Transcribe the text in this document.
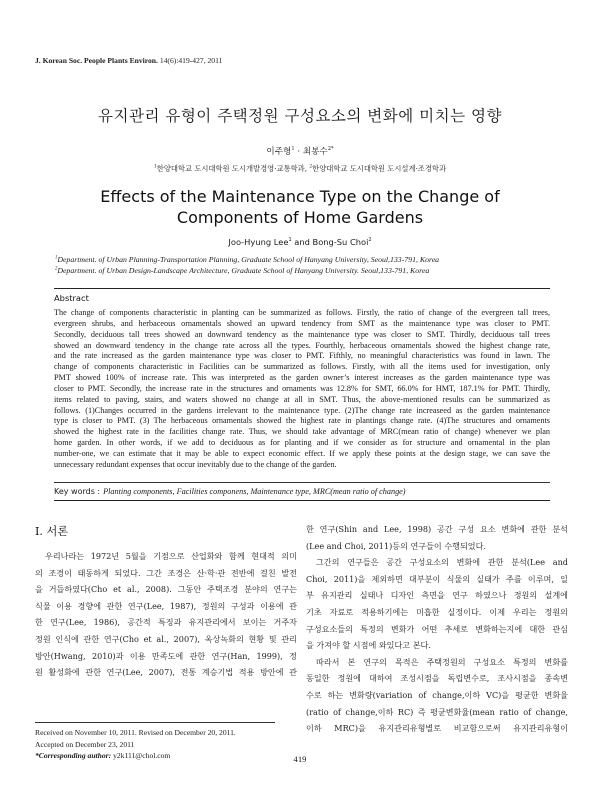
J. Korean Soc. People Plants Environ. 14(6):419-427, 2011
유지관리 유형이 주택정원 구성요소의 변화에 미치는 영향
이주형$^1$ · 최봉수$^{2*}$
$^1$한양대학교 도시대학원 도시개발경영·교통학과, $^2$한양대학교 도시대학원 도시설계·조경학과
Effects of the Maintenance Type on the Change of
Components of Home Gardens
Joo-Hyung Lee$^1$ and Bong-Su Choi$^2$
$^1$Department. of Urban Planning-Transportation Planning, Graduate School of Hanyang University, Seoul,133-791, Korea
$^2$Department. of Urban Design-Landscape Architecture, Graduate School of Hanyang University. Seoul,133-791, Korea
Abstract
The change of components characteristic in planting can be summarized as follows. Firstly, the ratio of change of the evergreen tall trees,
evergreen shrubs, and herbaceous ornamentals showed an upward tendency from SMT as the maintenance type was closer to PMT.
Secondly, deciduous tall trees showed an downward tendency as the maintenance type was closer to SMT. Thirdly, deciduous tall trees
showed an downward tendency in the change rate across all the types. Fourthly, herbaceous ornamentals showed the highest change rate,
and the rate increased as the garden maintenance type was closer to PMT. Fifthly, no meaningful characteristics was found in lawn. The
change of components characteristic in Facilities can be summarized as follows. Firstly, with all the items used for investigation, only
PMT showed 100% of increase rate. This was interpreted as the garden owner’s interest increases as the garden maintenance type was
closer to PMT. Secondly, the increase rate in the structures and ornaments was 12.8% for SMT, 66.0% for HMT, 187.1% for PMT. Thirdly,
items related to paving, stairs, and waters showed no change at all in SMT. Thus, the above-mentioned results can be summarized as
follows. (1)Changes occurred in the gardens irrelevant to the maintenance type. (2)The change rate increaseed as the garden maintenance
type is closer to PMT. (3) The herbaceous ornamentals showed the highest rate in plantings change rate. (4)The structures and ornaments
showed the highest rate in the facilities change rate. Thus, we should take advantage of MRC(mean ratio of change) whenever we plan
home garden. In other words, if we add to deciduous as for planting and if we consider as for structure and ornamental in the plan
number-one, we can estimate that it may be able to expect economic effect. If we apply these points at the design stage, we can save the
unnecessary redundant expenses that occur inevitably due to the change of the garden.
Key words : Planting components, Facilities componens, Maintenance type, MRC(mean ratio of change)
I. 서론

우리나라는 1972년 5월을 기점으로 산업화와 함께 현대적 의미
의 조경이 태동하게 되었다. 그간 조경은 산·학·관 전반에 걸친 발전
을 거듭하였다(Cho et al., 2008). 그동안 주택조경 분야의 연구는
식물 이용 경향에 관한 연구(Lee, 1987), 정원의 구성과 이용에 관
한 연구(Lee, 1986), 공간적 특징과 유지관리에서 보이는 거주자
정원 인식에 관한 연구(Cho et al., 2007), 옥상녹화의 현황 및 관리
방안(Hwang, 2010)과 이용 만족도에 관한 연구(Han, 1999), 정
원 활성화에 관한 연구(Lee, 2007), 전통 계승기법 적용 방안에 관

한 연구(Shin and Lee, 1998) 공간 구성 요소 변화에 관한 분석
(Lee and Choi, 2011)등의 연구들이 수행되었다.

그간의 연구들은 공간 구성요소의 변화에 관한 분석(Lee and
Choi, 2011)을 제외하면 대부분이 식물의 실태가 주를 이루며, 일
부 유지관리 실태나 디자인 측면을 연구 하였으나 정원의 설계에
기초 자료로 적용하기에는 미흡한 실정이다. 이제 우리는 정원의
구성요소들의 특정의 변화가 어떤 추세로 변화하는지에 대한 관심
을 가져야 할 시점에 와있다고 본다.

따라서 본 연구의 목적은 주택정원의 구성요소 특정의 변화를
동일한 정원에 대하여 조성시점을 독립변수로, 조사시점을 종속변
수로 하는 변화량(variation of change,이하 VC)을 평균한 변화율
(ratio of change,이하 RC) 즉 평균변화율(mean ratio of change,
이하 MRC)을 유지관리유형별로 비교함으로써 유지관리유형이

Received on November 10, 2011. Revised on December 20, 2011.
Accepted on December 23, 2011
*Corresponding author: y2k111@chol.com	419
